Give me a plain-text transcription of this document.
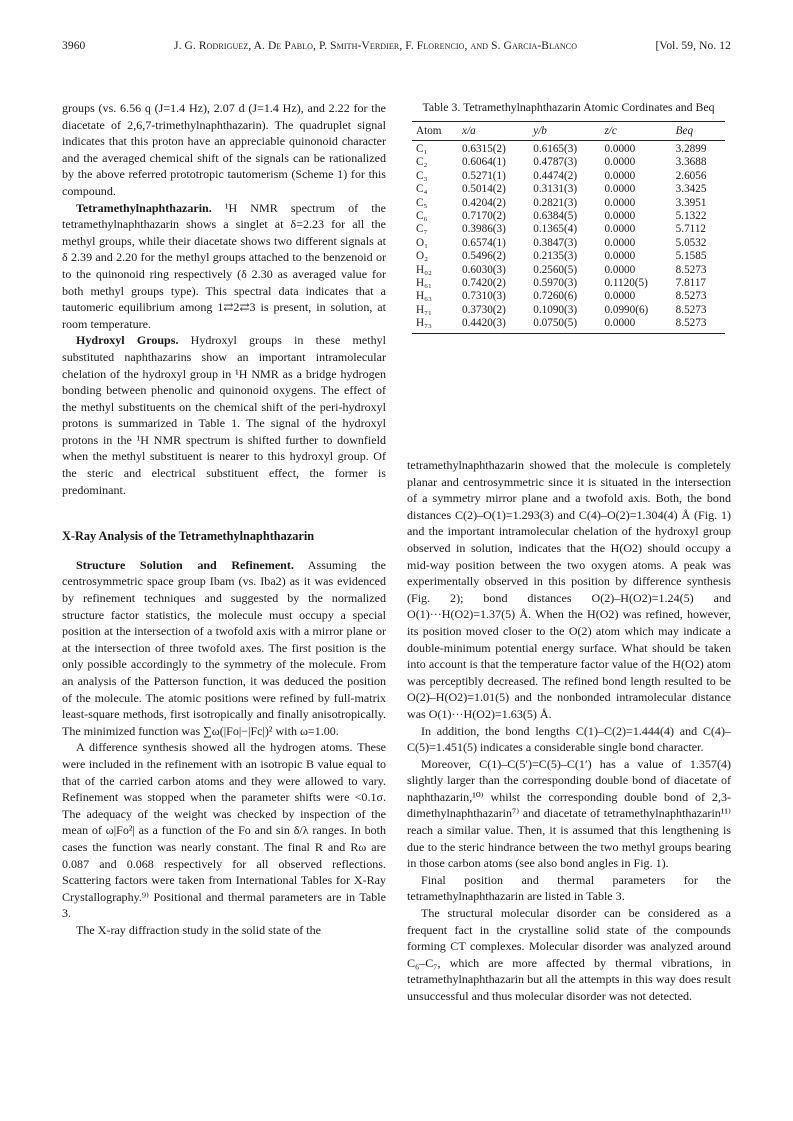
3960	J. G. Rodriguez, A. De Pablo, P. Smith-Verdier, F. Florencio, and S. Garcia-Blanco	[Vol. 59, No. 12

groups (vs. 6.56 q (J=1.4 Hz), 2.07 d (J=1.4 Hz), and 2.22 for the diacetate of 2,6,7-trimethylnaphthazarin). The quadruplet signal indicates that this proton have an appreciable quinonoid character and the averaged chemical shift of the signals can be rationalized by the above referred prototropic tautomerism (Scheme 1) for this compound.

Tetramethylnaphthazarin. ¹H NMR spectrum of the tetramethylnaphthazarin shows a singlet at δ=2.23 for all the methyl groups, while their diacetate shows two different signals at δ 2.39 and 2.20 for the methyl groups attached to the benzenoid or to the quinonoid ring respectively (δ 2.30 as averaged value for both methyl groups type). This spectral data indicates that a tautomeric equilibrium among 1⇄2⇄3 is present, in solution, at room temperature.

Hydroxyl Groups. Hydroxyl groups in these methyl substituted naphthazarins show an important intramolecular chelation of the hydroxyl group in ¹H NMR as a bridge hydrogen bonding between phenolic and quinonoid oxygens. The effect of the methyl substituents on the chemical shift of the peri-hydroxyl protons is summarized in Table 1. The signal of the hydroxyl protons in the ¹H NMR spectrum is shifted further to downfield when the methyl substituent is nearer to this hydroxyl group. Of the steric and electrical substituent effect, the former is predominant.

X-Ray Analysis of the Tetramethylnaphthazarin

Structure Solution and Refinement. Assuming the centrosymmetric space group Ibam (vs. Iba2) as it was evidenced by refinement techniques and suggested by the normalized structure factor statistics, the molecule must occupy a special position at the intersection of a twofold axis with a mirror plane or at the intersection of three twofold axes. The first position is the only possible accordingly to the symmetry of the molecule. From an analysis of the Patterson function, it was deduced the position of the molecule. The atomic positions were refined by full-matrix least-square methods, first isotropically and finally anisotropically. The minimized function was ∑ω(|Fo|−|Fc|)² with ω=1.00.

A difference synthesis showed all the hydrogen atoms. These were included in the refinement with an isotropic B value equal to that of the carried carbon atoms and they were allowed to vary. Refinement was stopped when the parameter shifts were <0.1σ. The adequacy of the weight was checked by inspection of the mean of ω|Fo²| as a function of the Fo and sin δ/λ ranges. In both cases the function was nearly constant. The final R and Rω are 0.087 and 0.068 respectively for all observed reflections. Scattering factors were taken from International Tables for X-Ray Crystallography.⁹⁾ Positional and thermal parameters are in Table 3.

The X-ray diffraction study in the solid state of the

Table 3. Tetramethylnaphthazarin Atomic Cordinates and Beq
Atom	x/a	y/b	z/c	Beq
C₁	0.6315(2)	0.6165(3)	0.0000	3.2899
C₂	0.6064(1)	0.4787(3)	0.0000	3.3688
C₃	0.5271(1)	0.4474(2)	0.0000	2.6056
C₄	0.5014(2)	0.3131(3)	0.0000	3.3425
C₅	0.4204(2)	0.2821(3)	0.0000	3.3951
C₆	0.7170(2)	0.6384(5)	0.0000	5.1322
C₇	0.3986(3)	0.1365(4)	0.0000	5.7112
O₁	0.6574(1)	0.3847(3)	0.0000	5.0532
O₂	0.5496(2)	0.2135(3)	0.0000	5.1585
H₀₂	0.6030(3)	0.2560(5)	0.0000	8.5273
H₆₁	0.7420(2)	0.5970(3)	0.1120(5)	7.8117
H₆₃	0.7310(3)	0.7260(6)	0.0000	8.5273
H₇₁	0.3730(2)	0.1090(3)	0.0990(6)	8.5273
H₇₃	0.4420(3)	0.0750(5)	0.0000	8.5273

tetramethylnaphthazarin showed that the molecule is completely planar and centrosymmetric since it is situated in the intersection of a symmetry mirror plane and a twofold axis. Both, the bond distances C(2)–O(1)=1.293(3) and C(4)–O(2)=1.304(4) Å (Fig. 1) and the important intramolecular chelation of the hydroxyl group observed in solution, indicates that the H(O2) should occupy a mid-way position between the two oxygen atoms. A peak was experimentally observed in this position by difference synthesis (Fig. 2); bond distances O(2)–H(O2)=1.24(5) and O(1)···H(O2)=1.37(5) Å. When the H(O2) was refined, however, its position moved closer to the O(2) atom which may indicate a double-minimum potential energy surface. What should be taken into account is that the temperature factor value of the H(O2) atom was perceptibly decreased. The refined bond length resulted to be O(2)–H(O2)=1.01(5) and the nonbonded intramolecular distance was O(1)···H(O2)=1.63(5) Å.

In addition, the bond lengths C(1)–C(2)=1.444(4) and C(4)–C(5)=1.451(5) indicates a considerable single bond character.

Moreover, C(1)–C(5′)=C(5)–C(1′) has a value of 1.357(4) slightly larger than the corresponding double bond of diacetate of naphthazarin,¹⁰⁾ whilst the corresponding double bond of 2,3-dimethylnaphthazarin⁷⁾ and diacetate of tetramethylnaphthazarin¹¹⁾ reach a similar value. Then, it is assumed that this lengthening is due to the steric hindrance between the two methyl groups bearing in those carbon atoms (see also bond angles in Fig. 1).

Final position and thermal parameters for the tetramethylnaphthazarin are listed in Table 3.

The structural molecular disorder can be considered as a frequent fact in the crystalline solid state of the compounds forming CT complexes. Molecular disorder was analyzed around C₆–C₇, which are more affected by thermal vibrations, in tetramethylnaphthazarin but all the attempts in this way does result unsuccessful and thus molecular disorder was not detected.
